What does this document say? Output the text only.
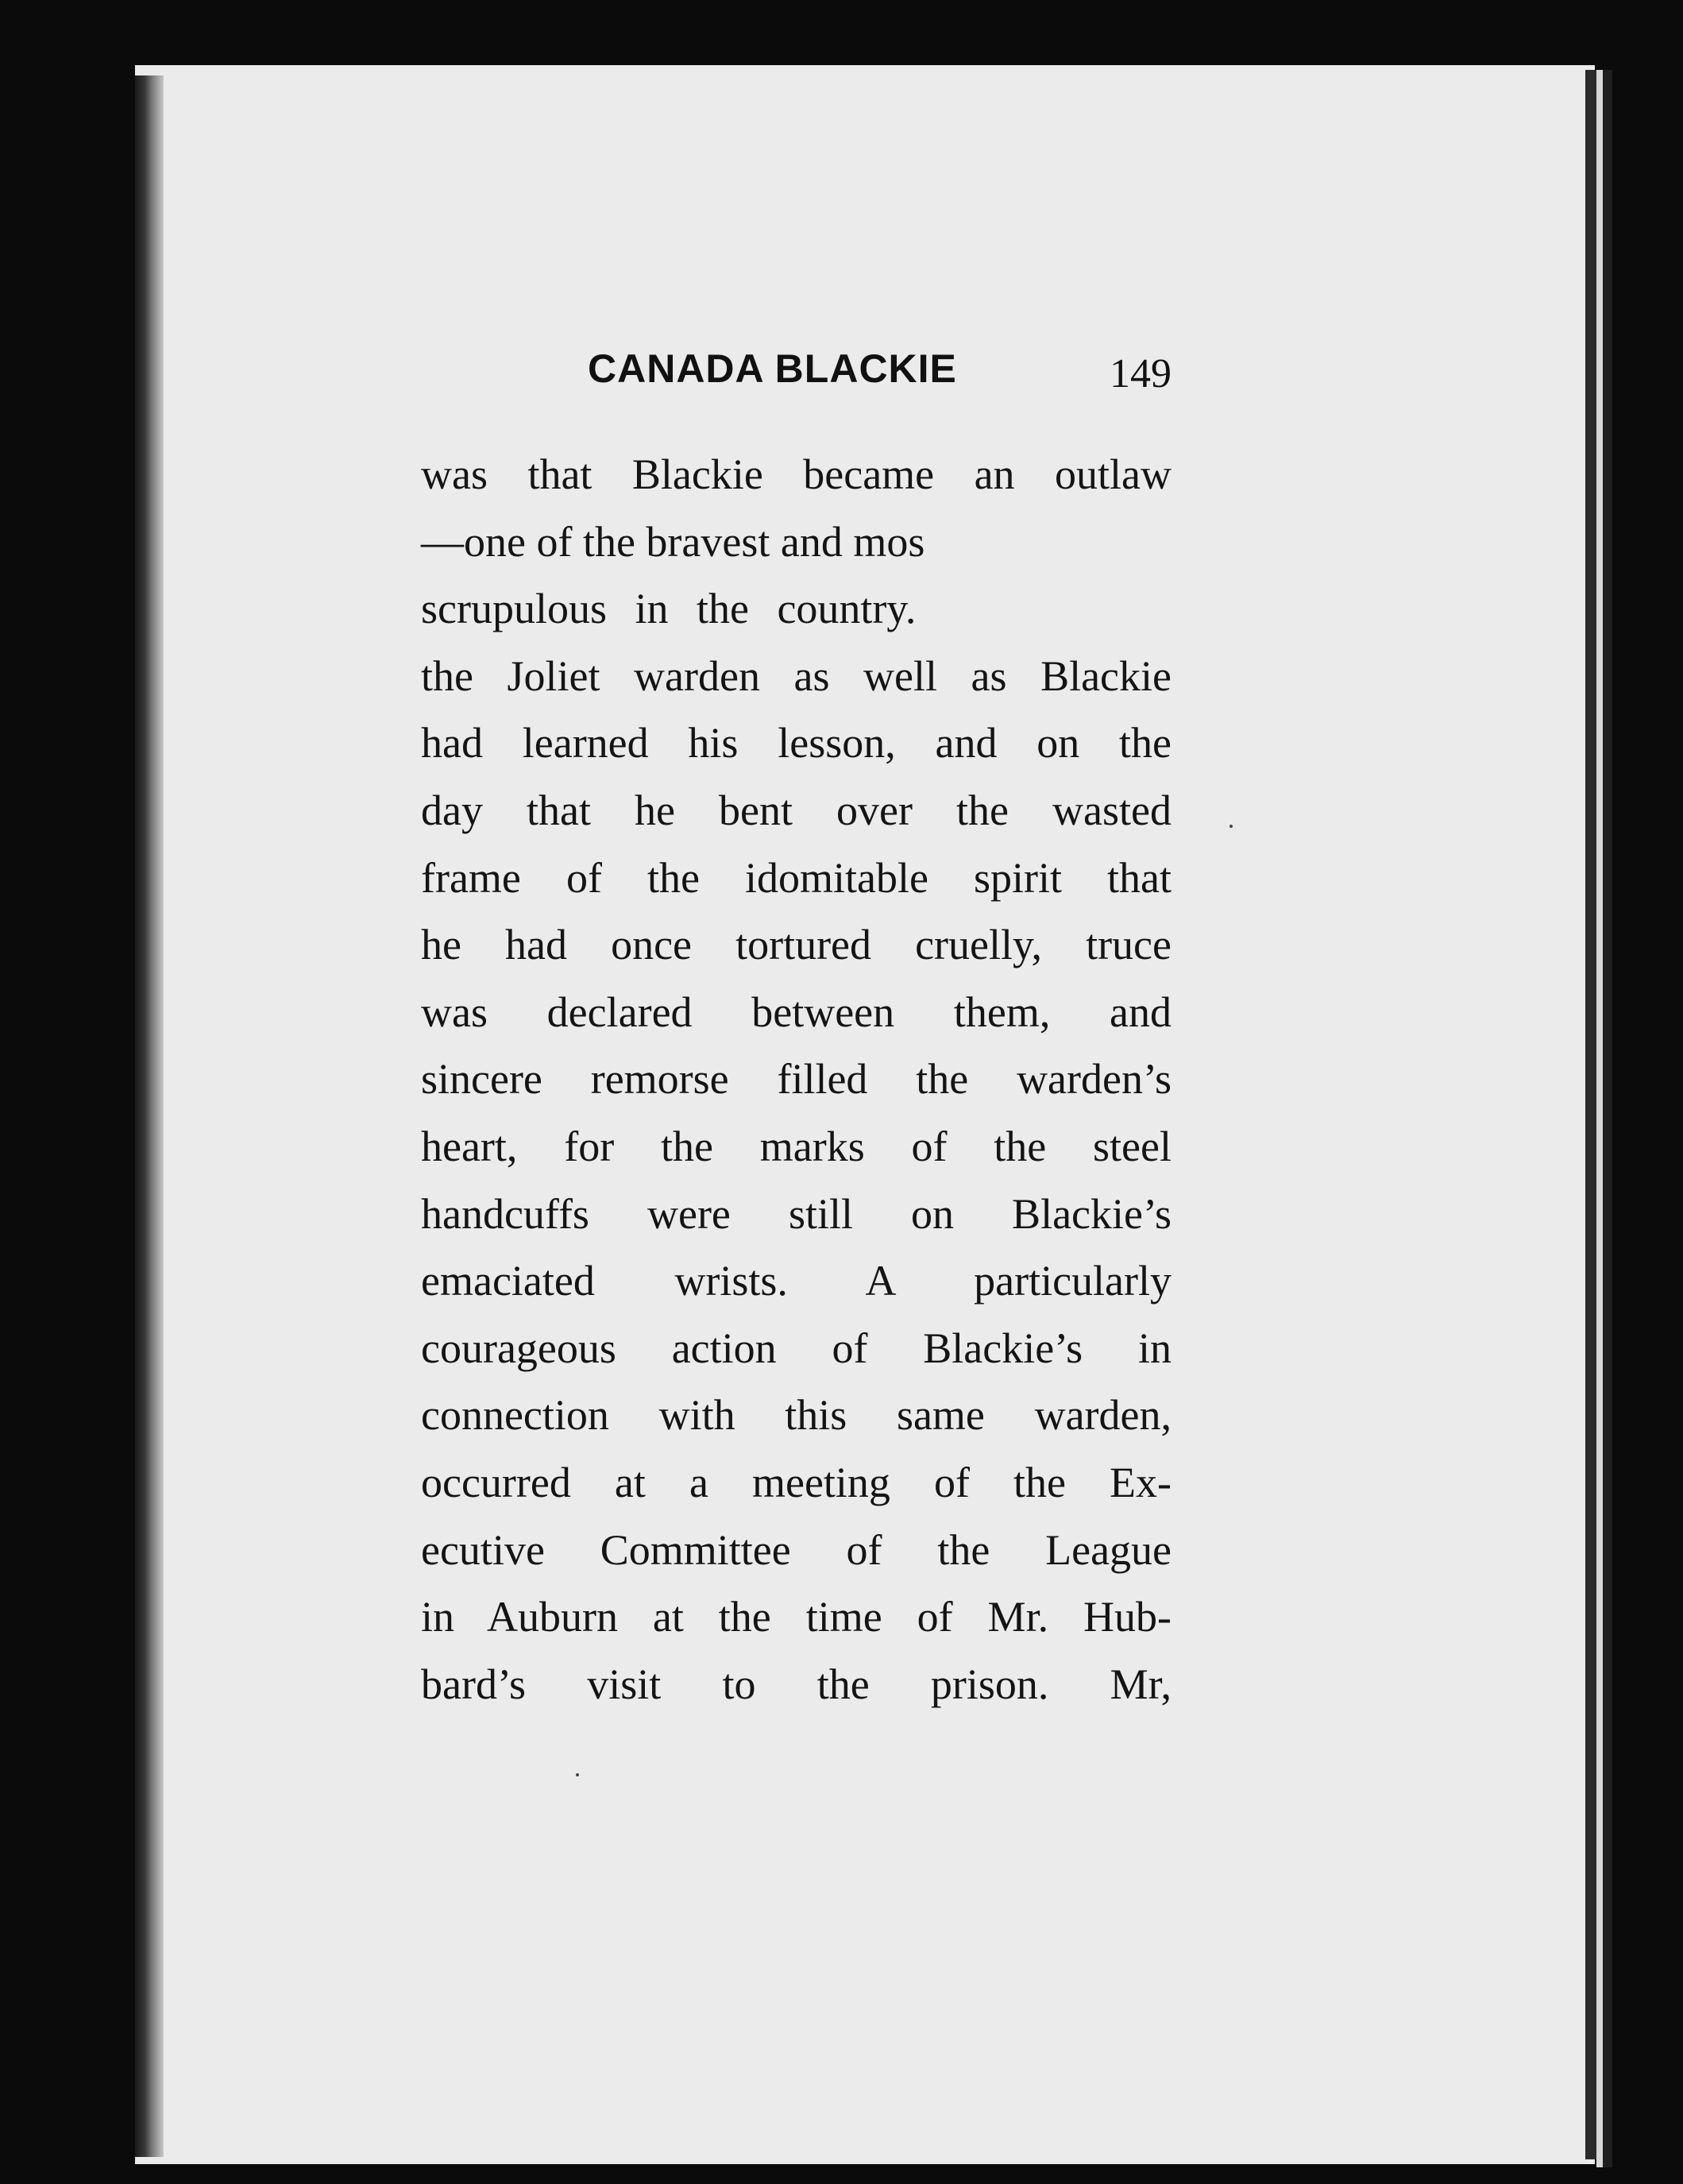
CANADA BLACKIE	149
was that Blackie became an outlaw
—one of the bravest and mos
scrupulous in the country.
the Joliet warden as well as Blackie
had learned his lesson, and on the
day that he bent over the wasted
frame of the idomitable spirit that
he had once tortured cruelly, truce
was declared between them, and
sincere remorse filled the warden’s
heart, for the marks of the steel
handcuffs were still on Blackie’s
emaciated wrists. A particularly
courageous action of Blackie’s in
connection with this same warden,
occurred at a meeting of the Ex-
ecutive Committee of the League
in Auburn at the time of Mr. Hub-
bard’s visit to the prison. Mr,
